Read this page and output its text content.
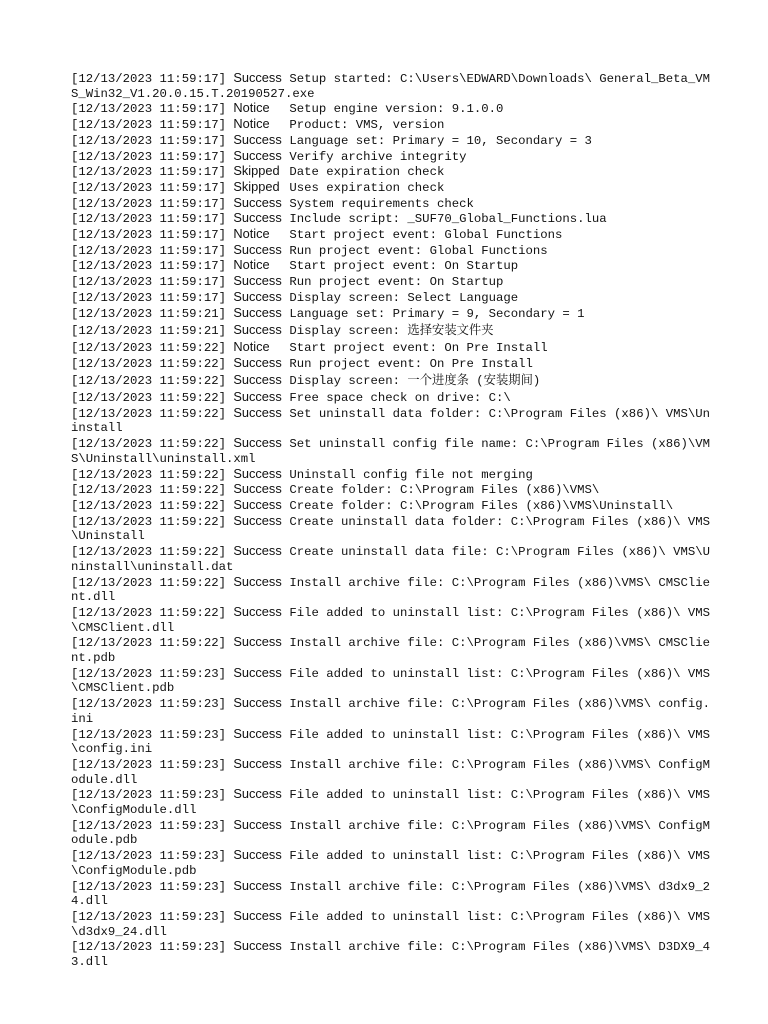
[12/13/2023 11:59:17] Success Setup started: C:\Users\EDWARD\Downloads\ General_Beta_VMS_Win32_V1.20.0.15.T.20190527.exe
[12/13/2023 11:59:17] Notice Setup engine version: 9.1.0.0
[12/13/2023 11:59:17] Notice Product: VMS, version
[12/13/2023 11:59:17] Success Language set: Primary = 10, Secondary = 3
[12/13/2023 11:59:17] Success Verify archive integrity
[12/13/2023 11:59:17] Skipped Date expiration check
[12/13/2023 11:59:17] Skipped Uses expiration check
[12/13/2023 11:59:17] Success System requirements check
[12/13/2023 11:59:17] Success Include script: _SUF70_Global_Functions.lua
[12/13/2023 11:59:17] Notice Start project event: Global Functions
[12/13/2023 11:59:17] Success Run project event: Global Functions
[12/13/2023 11:59:17] Notice Start project event: On Startup
[12/13/2023 11:59:17] Success Run project event: On Startup
[12/13/2023 11:59:17] Success Display screen: Select Language
[12/13/2023 11:59:21] Success Language set: Primary = 9, Secondary = 1
[12/13/2023 11:59:21] Success Display screen: 选择安装文件夹
[12/13/2023 11:59:22] Notice Start project event: On Pre Install
[12/13/2023 11:59:22] Success Run project event: On Pre Install
[12/13/2023 11:59:22] Success Display screen: 一个进度条 (安装期间)
[12/13/2023 11:59:22] Success Free space check on drive: C:\
[12/13/2023 11:59:22] Success Set uninstall data folder: C:\Program Files (x86)\ VMS\Uninstall
[12/13/2023 11:59:22] Success Set uninstall config file name: C:\Program Files (x86)\VMS\Uninstall\uninstall.xml
[12/13/2023 11:59:22] Success Uninstall config file not merging
[12/13/2023 11:59:22] Success Create folder: C:\Program Files (x86)\VMS\
[12/13/2023 11:59:22] Success Create folder: C:\Program Files (x86)\VMS\Uninstall\
[12/13/2023 11:59:22] Success Create uninstall data folder: C:\Program Files (x86)\ VMS\Uninstall
[12/13/2023 11:59:22] Success Create uninstall data file: C:\Program Files (x86)\ VMS\Uninstall\uninstall.dat
[12/13/2023 11:59:22] Success Install archive file: C:\Program Files (x86)\VMS\ CMSClient.dll
[12/13/2023 11:59:22] Success File added to uninstall list: C:\Program Files (x86)\ VMS\CMSClient.dll
[12/13/2023 11:59:22] Success Install archive file: C:\Program Files (x86)\VMS\ CMSClient.pdb
[12/13/2023 11:59:23] Success File added to uninstall list: C:\Program Files (x86)\ VMS\CMSClient.pdb
[12/13/2023 11:59:23] Success Install archive file: C:\Program Files (x86)\VMS\ config.ini
[12/13/2023 11:59:23] Success File added to uninstall list: C:\Program Files (x86)\ VMS\config.ini
[12/13/2023 11:59:23] Success Install archive file: C:\Program Files (x86)\VMS\ ConfigModule.dll
[12/13/2023 11:59:23] Success File added to uninstall list: C:\Program Files (x86)\ VMS\ConfigModule.dll
[12/13/2023 11:59:23] Success Install archive file: C:\Program Files (x86)\VMS\ ConfigModule.pdb
[12/13/2023 11:59:23] Success File added to uninstall list: C:\Program Files (x86)\ VMS\ConfigModule.pdb
[12/13/2023 11:59:23] Success Install archive file: C:\Program Files (x86)\VMS\ d3dx9_24.dll
[12/13/2023 11:59:23] Success File added to uninstall list: C:\Program Files (x86)\ VMS\d3dx9_24.dll
[12/13/2023 11:59:23] Success Install archive file: C:\Program Files (x86)\VMS\ D3DX9_43.dll
